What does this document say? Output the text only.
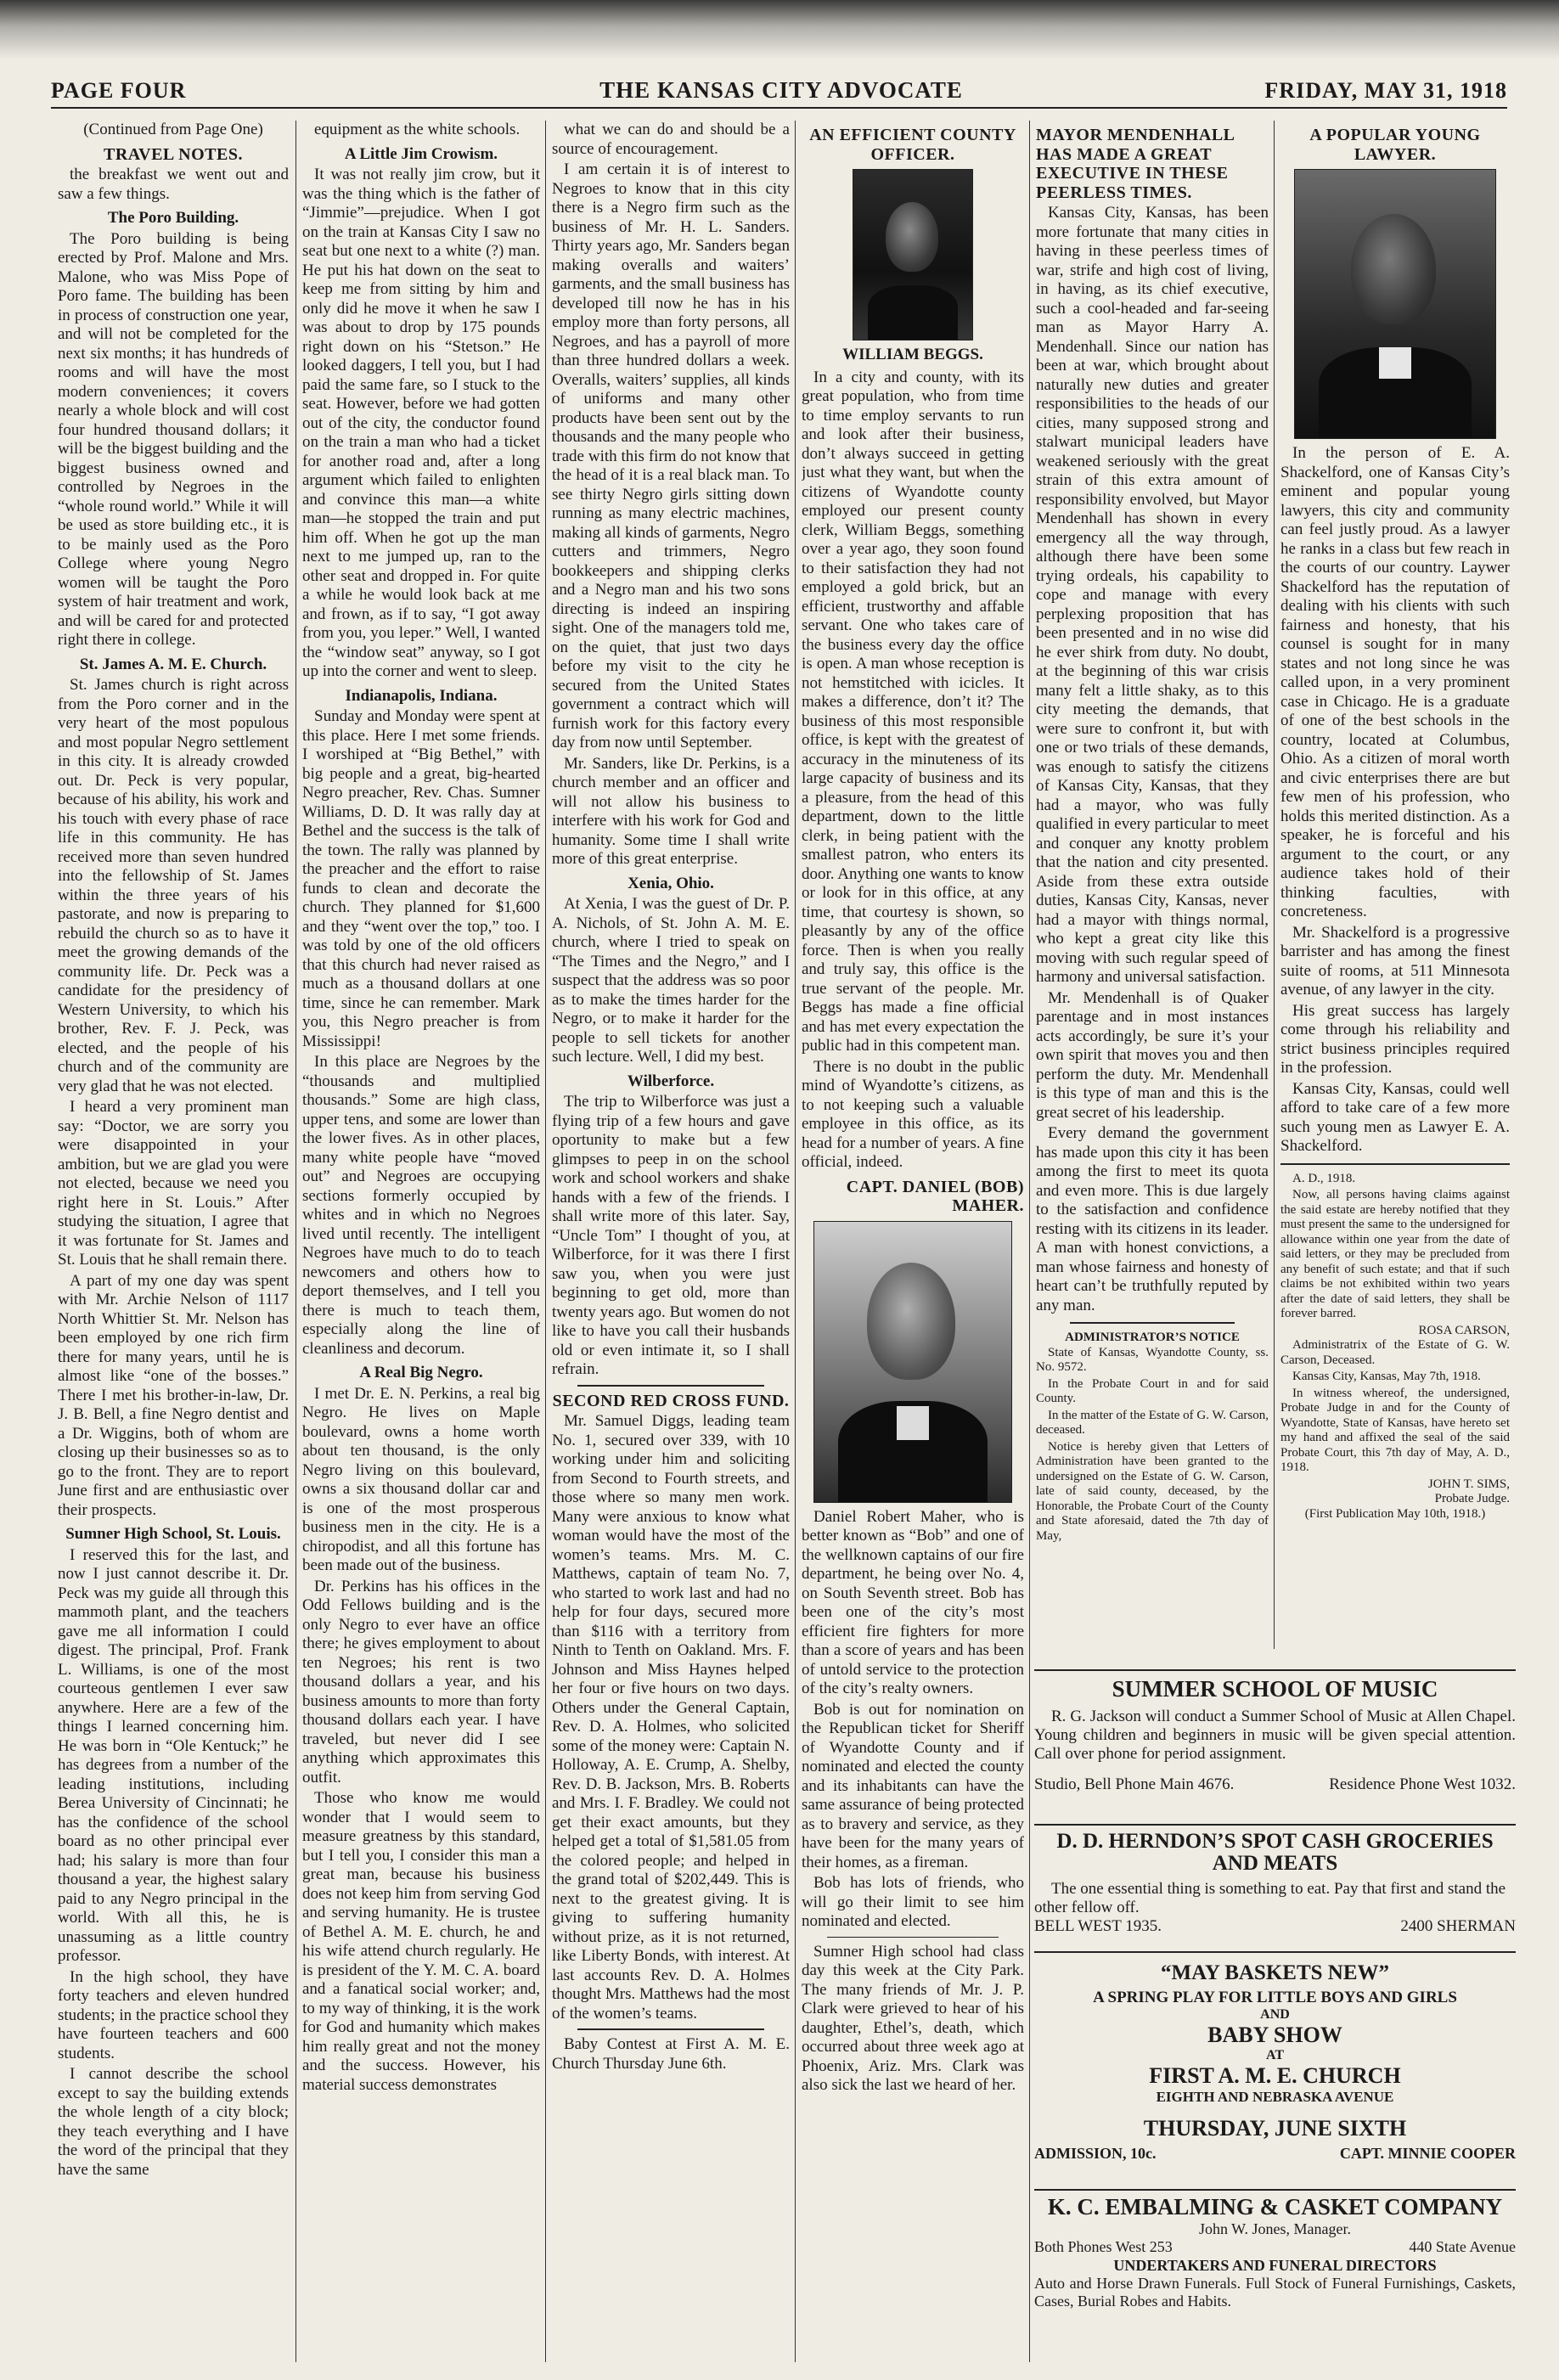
PAGE FOUR	THE KANSAS CITY ADVOCATE	FRIDAY, MAY 31, 1918
(Continued from Page One)
TRAVEL NOTES.

the breakfast we went out and saw a few things.

The Poro Building.

The Poro building is being erected by Prof. Malone and Mrs. Malone, who was Miss Pope of Poro fame. The building has been in process of construction one year, and will not be completed for the next six months; it has hundreds of rooms and will have the most modern conveniences; it covers nearly a whole block and will cost four hundred thousand dollars; it will be the biggest building and the biggest business owned and controlled by Negroes in the “whole round world.” While it will be used as store building etc., it is to be mainly used as the Poro College where young Negro women will be taught the Poro system of hair treatment and work, and will be cared for and protected right there in college.

St. James A. M. E. Church.

St. James church is right across from the Poro corner and in the very heart of the most populous and most popular Negro settlement in this city. It is already crowded out. Dr. Peck is very popular, because of his ability, his work and his touch with every phase of race life in this community. He has received more than seven hundred into the fellowship of St. James within the three years of his pastorate, and now is preparing to rebuild the church so as to have it meet the growing demands of the community life. Dr. Peck was a candidate for the presidency of Western University, to which his brother, Rev. F. J. Peck, was elected, and the people of his church and of the community are very glad that he was not elected.

I heard a very prominent man say: “Doctor, we are sorry you were disappointed in your ambition, but we are glad you were not elected, because we need you right here in St. Louis.” After studying the situation, I agree that it was fortunate for St. James and St. Louis that he shall remain there.

A part of my one day was spent with Mr. Archie Nelson of 1117 North Whittier St. Mr. Nelson has been employed by one rich firm there for many years, until he is almost like “one of the bosses.” There I met his brother-in-law, Dr. J. B. Bell, a fine Negro dentist and a Dr. Wiggins, both of whom are closing up their businesses so as to go to the front. They are to report June first and are enthusiastic over their prospects.

Sumner High School, St. Louis.

I reserved this for the last, and now I just cannot describe it. Dr. Peck was my guide all through this mammoth plant, and the teachers gave me all information I could digest. The principal, Prof. Frank L. Williams, is one of the most courteous gentlemen I ever saw anywhere. Here are a few of the things I learned concerning him. He was born in “Ole Kentuck;” he has degrees from a number of the leading institutions, including Berea University of Cincinnati; he has the confidence of the school board as no other principal ever had; his salary is more than four thousand a year, the highest salary paid to any Negro principal in the world. With all this, he is unassuming as a little country professor.

In the high school, they have forty teachers and eleven hundred students; in the practice school they have fourteen teachers and 600 students.

I cannot describe the school except to say the building extends the whole length of a city block; they teach everything and I have the word of the principal that they have the same

equipment as the white schools.

A Little Jim Crowism.

It was not really jim crow, but it was the thing which is the father of “Jimmie”—prejudice. When I got on the train at Kansas City I saw no seat but one next to a white (?) man. He put his hat down on the seat to keep me from sitting by him and only did he move it when he saw I was about to drop by 175 pounds right down on his “Stetson.” He looked daggers, I tell you, but I had paid the same fare, so I stuck to the seat. However, before we had gotten out of the city, the conductor found on the train a man who had a ticket for another road and, after a long argument which failed to enlighten and convince this man—a white man—he stopped the train and put him off. When he got up the man next to me jumped up, ran to the other seat and dropped in. For quite a while he would look back at me and frown, as if to say, “I got away from you, you leper.” Well, I wanted the “window seat” anyway, so I got up into the corner and went to sleep.

Indianapolis, Indiana.

Sunday and Monday were spent at this place. Here I met some friends. I worshiped at “Big Bethel,” with big people and a great, big-hearted Negro preacher, Rev. Chas. Sumner Williams, D. D. It was rally day at Bethel and the success is the talk of the town. The rally was planned by the preacher and the effort to raise funds to clean and decorate the church. They planned for $1,600 and they “went over the top,” too. I was told by one of the old officers that this church had never raised as much as a thousand dollars at one time, since he can remember. Mark you, this Negro preacher is from Mississippi!

In this place are Negroes by the “thousands and multiplied thousands.” Some are high class, upper tens, and some are lower than the lower fives. As in other places, many white people have “moved out” and Negroes are occupying sections formerly occupied by whites and in which no Negroes lived until recently. The intelligent Negroes have much to do to teach newcomers and others how to deport themselves, and I tell you there is much to teach them, especially along the line of cleanliness and decorum.

A Real Big Negro.

I met Dr. E. N. Perkins, a real big Negro. He lives on Maple boulevard, owns a home worth about ten thousand, is the only Negro living on this boulevard, owns a six thousand dollar car and is one of the most prosperous business men in the city. He is a chiropodist, and all this fortune has been made out of the business.

Dr. Perkins has his offices in the Odd Fellows building and is the only Negro to ever have an office there; he gives employment to about ten Negroes; his rent is two thousand dollars a year, and his business amounts to more than forty thousand dollars each year. I have traveled, but never did I see anything which approximates this outfit.

Those who know me would wonder that I would seem to measure greatness by this standard, but I tell you, I consider this man a great man, because his business does not keep him from serving God and serving humanity. He is trustee of Bethel A. M. E. church, he and his wife attend church regularly. He is president of the Y. M. C. A. board and a fanatical social worker; and, to my way of thinking, it is the work for God and humanity which makes him really great and not the money and the success. However, his material success demonstrates

what we can do and should be a source of encouragement.

I am certain it is of interest to Negroes to know that in this city there is a Negro firm such as the business of Mr. H. L. Sanders. Thirty years ago, Mr. Sanders began making overalls and waiters’ garments, and the small business has developed till now he has in his employ more than forty persons, all Negroes, and has a payroll of more than three hundred dollars a week. Overalls, waiters’ supplies, all kinds of uniforms and many other products have been sent out by the thousands and the many people who trade with this firm do not know that the head of it is a real black man. To see thirty Negro girls sitting down running as many electric machines, making all kinds of garments, Negro cutters and trimmers, Negro bookkeepers and shipping clerks and a Negro man and his two sons directing is indeed an inspiring sight. One of the managers told me, on the quiet, that just two days before my visit to the city he secured from the United States government a contract which will furnish work for this factory every day from now until September.

Mr. Sanders, like Dr. Perkins, is a church member and an officer and will not allow his business to interfere with his work for God and humanity. Some time I shall write more of this great enterprise.

Xenia, Ohio.

At Xenia, I was the guest of Dr. P. A. Nichols, of St. John A. M. E. church, where I tried to speak on “The Times and the Negro,” and I suspect that the address was so poor as to make the times harder for the Negro, or to make it harder for the people to sell tickets for another such lecture. Well, I did my best.

Wilberforce.

The trip to Wilberforce was just a flying trip of a few hours and gave oportunity to make but a few glimpses to peep in on the school work and school workers and shake hands with a few of the friends. I shall write more of this later. Say, “Uncle Tom” I thought of you, at Wilberforce, for it was there I first saw you, when you were just beginning to get old, more than twenty years ago. But women do not like to have you call their husbands old or even intimate it, so I shall refrain.

SECOND RED CROSS FUND.

Mr. Samuel Diggs, leading team No. 1, secured over 339, with 10 working under him and soliciting from Second to Fourth streets, and those where so many men work. Many were anxious to know what woman would have the most of the women’s teams. Mrs. M. C. Matthews, captain of team No. 7, who started to work last and had no help for four days, secured more than $116 with a territory from Ninth to Tenth on Oakland. Mrs. F. Johnson and Miss Haynes helped her four or five hours on two days. Others under the General Captain, Rev. D. A. Holmes, who solicited some of the money were: Captain N. Holloway, A. E. Crump, A. Shelby, Rev. D. B. Jackson, Mrs. B. Roberts and Mrs. I. F. Bradley. We could not get their exact amounts, but they helped get a total of $1,581.05 from the colored people; and helped in the grand total of $202,449. This is next to the greatest giving. It is giving to suffering humanity without prize, as it is not returned, like Liberty Bonds, with interest. At last accounts Rev. D. A. Holmes thought Mrs. Matthews had the most of the women’s teams.

Baby Contest at First A. M. E. Church Thursday June 6th.

AN EFFICIENT COUNTY OFFICER.
WILLIAM BEGGS.

In a city and county, with its great population, who from time to time employ servants to run and look after their business, don’t always succeed in getting just what they want, but when the citizens of Wyandotte county employed our present county clerk, William Beggs, something over a year ago, they soon found to their satisfaction they had not employed a gold brick, but an efficient, trustworthy and affable servant. One who takes care of the business every day the office is open. A man whose reception is not hemstitched with icicles. It makes a difference, don’t it? The business of this most responsible office, is kept with the greatest of accuracy in the minuteness of its large capacity of business and its a pleasure, from the head of this department, down to the little clerk, in being patient with the smallest patron, who enters its door. Anything one wants to know or look for in this office, at any time, that courtesy is shown, so pleasantly by any of the office force. Then is when you really and truly say, this office is the true servant of the people. Mr. Beggs has made a fine official and has met every expectation the public had in this competent man.

There is no doubt in the public mind of Wyandotte’s citizens, as to not keeping such a valuable employee in this office, as its head for a number of years. A fine official, indeed.

CAPT. DANIEL (BOB) MAHER.

Daniel Robert Maher, who is better known as “Bob” and one of the wellknown captains of our fire department, he being over No. 4, on South Seventh street. Bob has been one of the city’s most efficient fire fighters for more than a score of years and has been of untold service to the protection of the city’s realty owners.

Bob is out for nomination on the Republican ticket for Sheriff of Wyandotte County and if nominated and elected the county and its inhabitants can have the same assurance of being protected as to bravery and service, as they have been for the many years of their homes, as a fireman.

Bob has lots of friends, who will go their limit to see him nominated and elected.

Sumner High school had class day this week at the City Park. The many friends of Mr. J. P. Clark were grieved to hear of his daughter, Ethel’s, death, which occurred about three week ago at Phoenix, Ariz. Mrs. Clark was also sick the last we heard of her.

MAYOR MENDENHALL HAS MADE A GREAT EXECUTIVE IN THESE PEERLESS TIMES.

Kansas City, Kansas, has been more fortunate that many cities in having in these peerless times of war, strife and high cost of living, in having, as its chief executive, such a cool-headed and far-seeing man as Mayor Harry A. Mendenhall. Since our nation has been at war, which brought about naturally new duties and greater responsibilities to the heads of our cities, many supposed strong and stalwart municipal leaders have weakened seriously with the great strain of this extra amount of responsibility envolved, but Mayor Mendenhall has shown in every emergency all the way through, although there have been some trying ordeals, his capability to cope and manage with every perplexing proposition that has been presented and in no wise did he ever shirk from duty. No doubt, at the beginning of this war crisis many felt a little shaky, as to this city meeting the demands, that were sure to confront it, but with one or two trials of these demands, was enough to satisfy the citizens of Kansas City, Kansas, that they had a mayor, who was fully qualified in every particular to meet and conquer any knotty problem that the nation and city presented. Aside from these extra outside duties, Kansas City, Kansas, never had a mayor with things normal, who kept a great city like this moving with such regular speed of harmony and universal satisfaction.

Mr. Mendenhall is of Quaker parentage and in most instances acts accordingly, be sure it’s your own spirit that moves you and then perform the duty. Mr. Mendenhall is this type of man and this is the great secret of his leadership.

Every demand the government has made upon this city it has been among the first to meet its quota and even more. This is due largely to the satisfaction and confidence resting with its citizens in its leader. A man with honest convictions, a man whose fairness and honesty of heart can’t be truthfully reputed by any man.

ADMINISTRATOR’S NOTICE

State of Kansas, Wyandotte County, ss. No. 9572.

In the Probate Court in and for said County.

In the matter of the Estate of G. W. Carson, deceased.

Notice is hereby given that Letters of Administration have been granted to the undersigned on the Estate of G. W. Carson, late of said county, deceased, by the Honorable, the Probate Court of the County and State aforesaid, dated the 7th day of May,

A POPULAR YOUNG LAWYER.

In the person of E. A. Shackelford, one of Kansas City’s eminent and popular young lawyers, this city and community can feel justly proud. As a lawyer he ranks in a class but few reach in the courts of our country. Laywer Shackelford has the reputation of dealing with his clients with such fairness and honesty, that his counsel is sought for in many states and not long since he was called upon, in a very prominent case in Chicago. He is a graduate of one of the best schools in the country, located at Columbus, Ohio. As a citizen of moral worth and civic enterprises there are but few men of his profession, who holds this merited distinction. As a speaker, he is forceful and his argument to the court, or any audience takes hold of their thinking faculties, with concreteness.

Mr. Shackelford is a progressive barrister and has among the finest suite of rooms, at 511 Minnesota avenue, of any lawyer in the city.

His great success has largely come through his reliability and strict business principles required in the profession.

Kansas City, Kansas, could well afford to take care of a few more such young men as Lawyer E. A. Shackelford.

A. D., 1918.

Now, all persons having claims against the said estate are hereby notified that they must present the same to the undersigned for allowance within one year from the date of said letters, or they may be precluded from any benefit of such estate; and that if such claims be not exhibited within two years after the date of said letters, they shall be forever barred.

ROSA CARSON,

Administratrix of the Estate of G. W. Carson, Deceased.

Kansas City, Kansas, May 7th, 1918.

In witness whereof, the undersigned, Probate Judge in and for the County of Wyandotte, State of Kansas, have hereto set my hand and affixed the seal of the said Probate Court, this 7th day of May, A. D., 1918.

JOHN T. SIMS,
Probate Judge.
(First Publication May 10th, 1918.)
SUMMER SCHOOL OF MUSIC
R. G. Jackson will conduct a Summer School of Music at Allen Chapel. Young children and beginners in music will be given special attention. Call over phone for period assignment.
Studio, Bell Phone Main 4676.	Residence Phone West 1032.
D. D. HERNDON’S SPOT CASH GROCERIES AND MEATS
The one essential thing is something to eat. Pay that first and stand the other fellow off.
BELL WEST 1935.	2400 SHERMAN
“MAY BASKETS NEW”
A SPRING PLAY FOR LITTLE BOYS AND GIRLS
AND
BABY SHOW
AT
FIRST A. M. E. CHURCH
EIGHTH AND NEBRASKA AVENUE
THURSDAY, JUNE SIXTH
ADMISSION, 10c.	CAPT. MINNIE COOPER
K. C. EMBALMING & CASKET COMPANY
John W. Jones, Manager.
Both Phones West 253	440 State Avenue
UNDERTAKERS AND FUNERAL DIRECTORS
Auto and Horse Drawn Funerals. Full Stock of Funeral Furnishings, Caskets, Cases, Burial Robes and Habits.
